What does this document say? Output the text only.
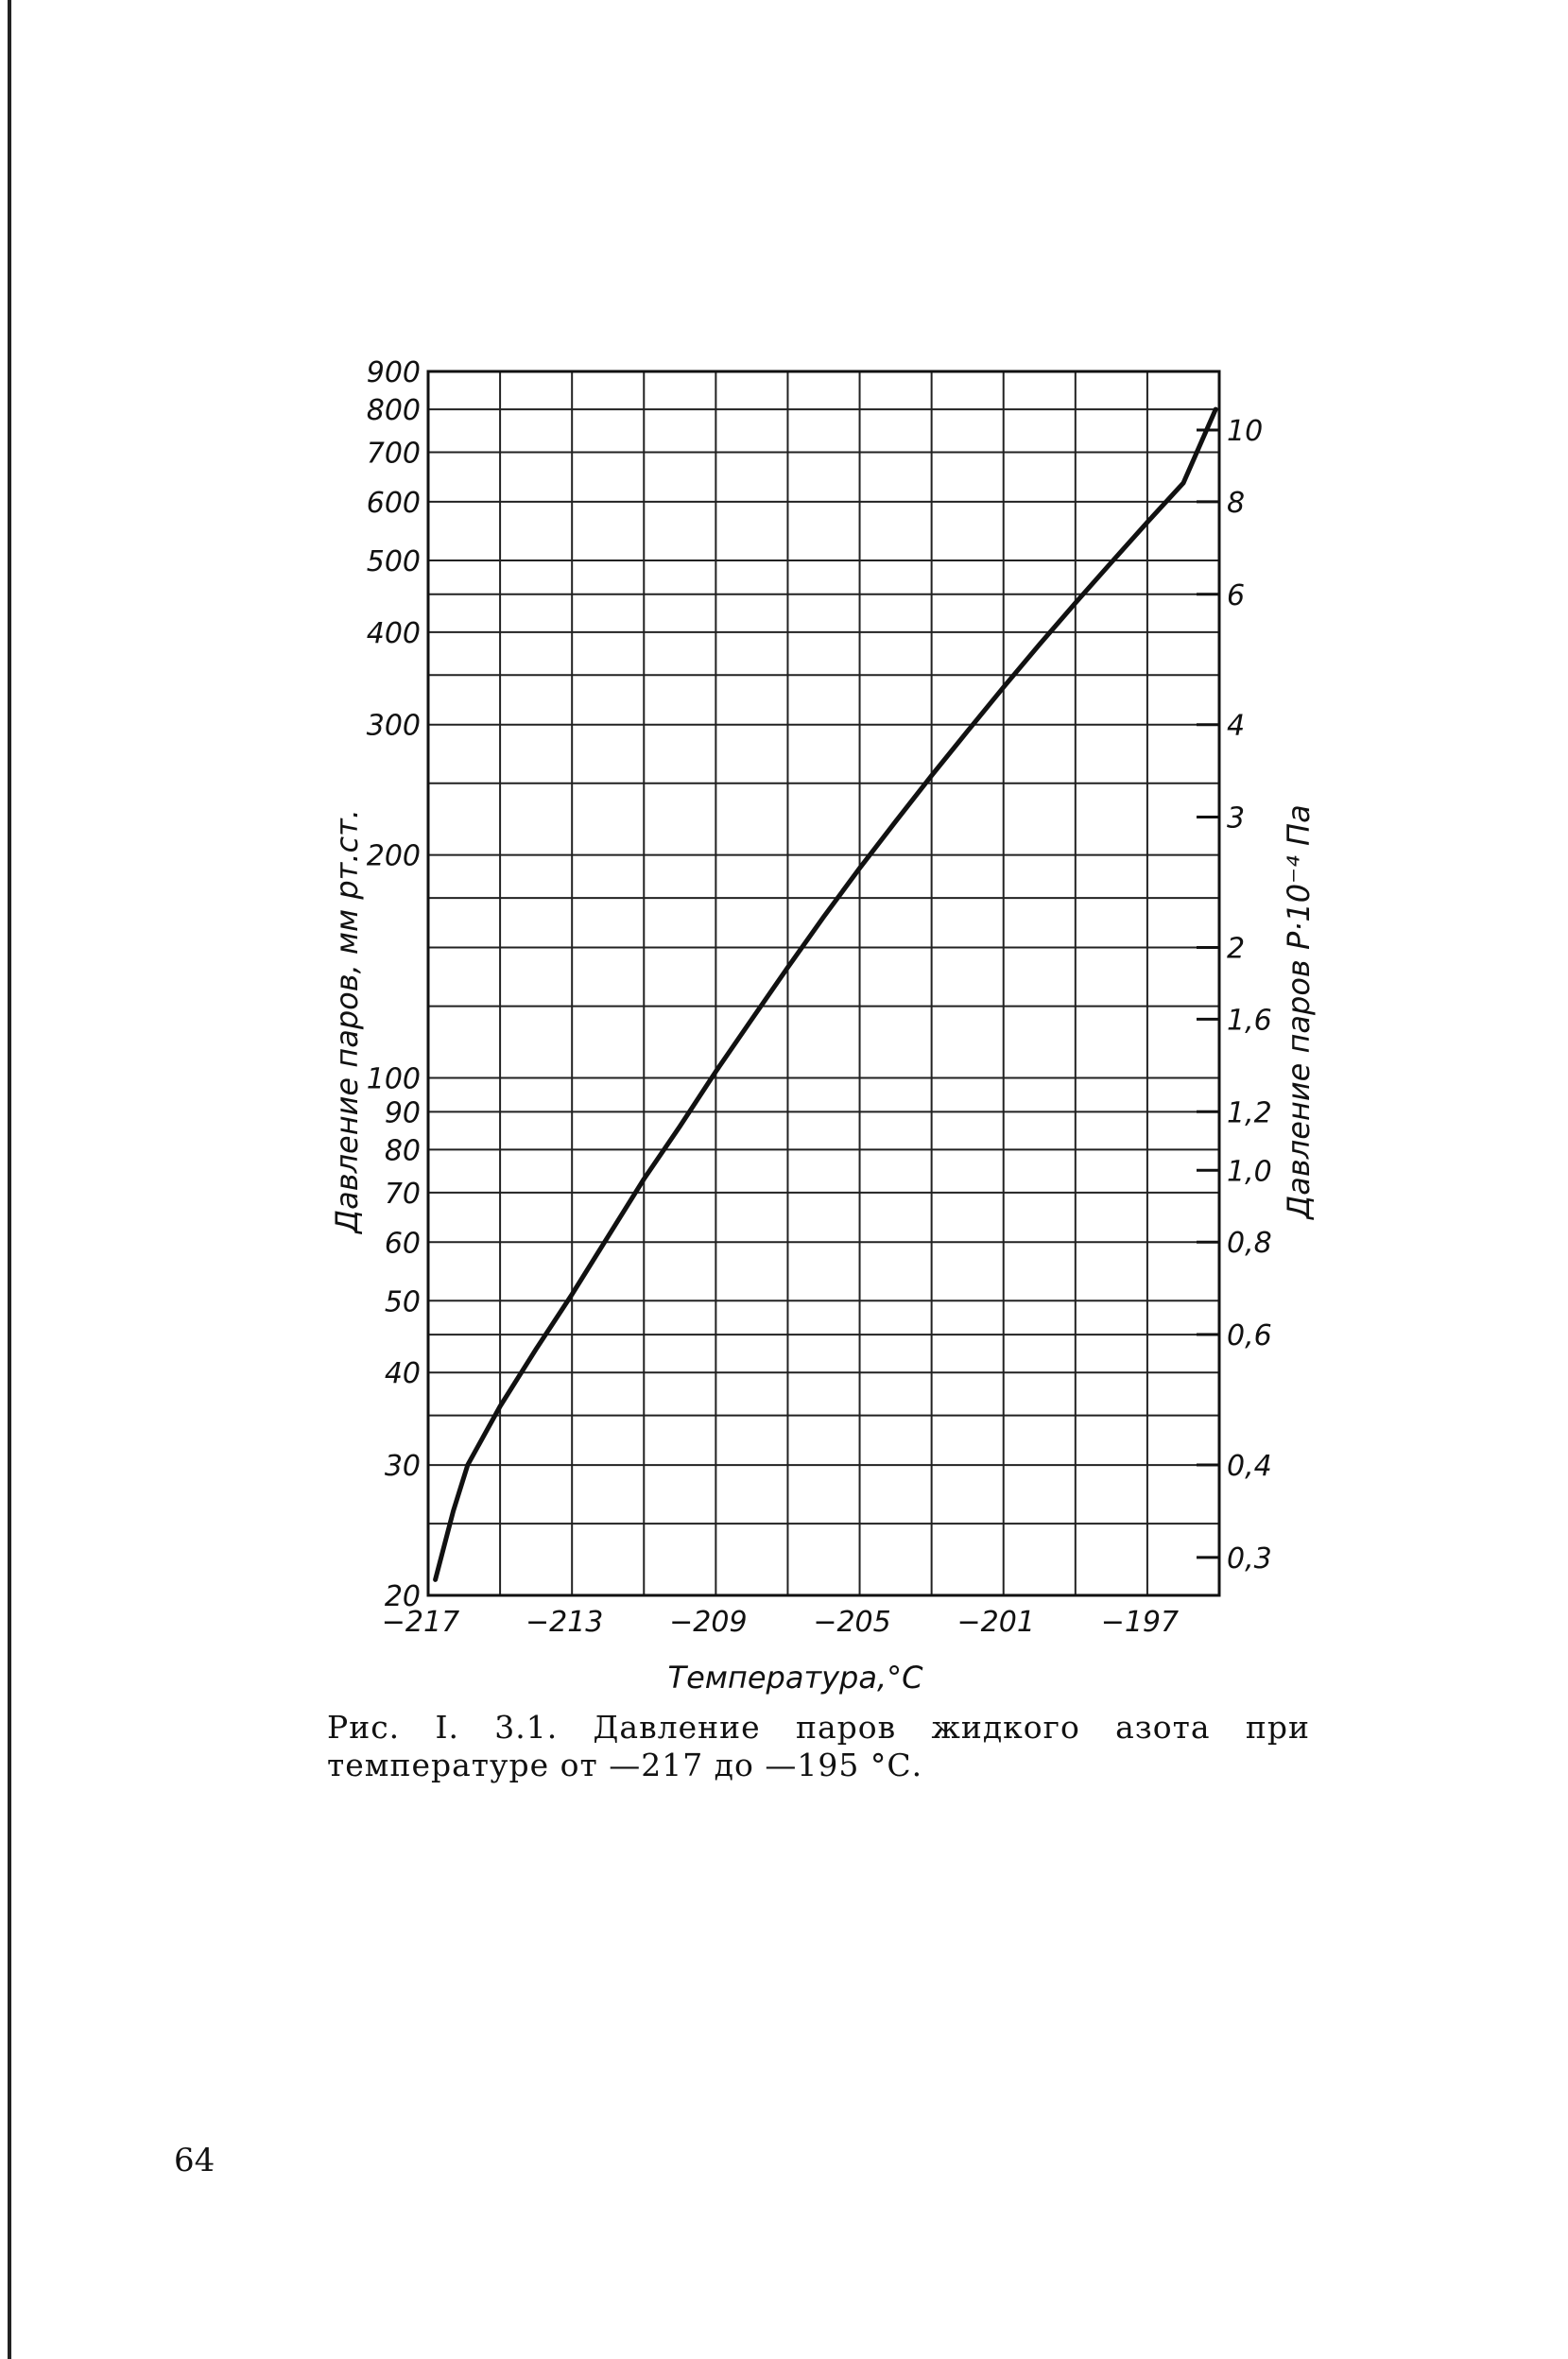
−217 −213 −209 −205 −201 −197
20
30
40
50
60
70
80
90
100
200
300
400
500
600
700
800
900
0,3
0,4
0,6
0,8
1,0
1,2
1,6
2
3
4
6
8
10
Температура,°С
Давление паров, мм рт.ст.	Давление паров P·10⁻⁴ Па
Рис. I. 3.1. Давление паров жидкого азота при температуре от —217 до —195 °С.
64
